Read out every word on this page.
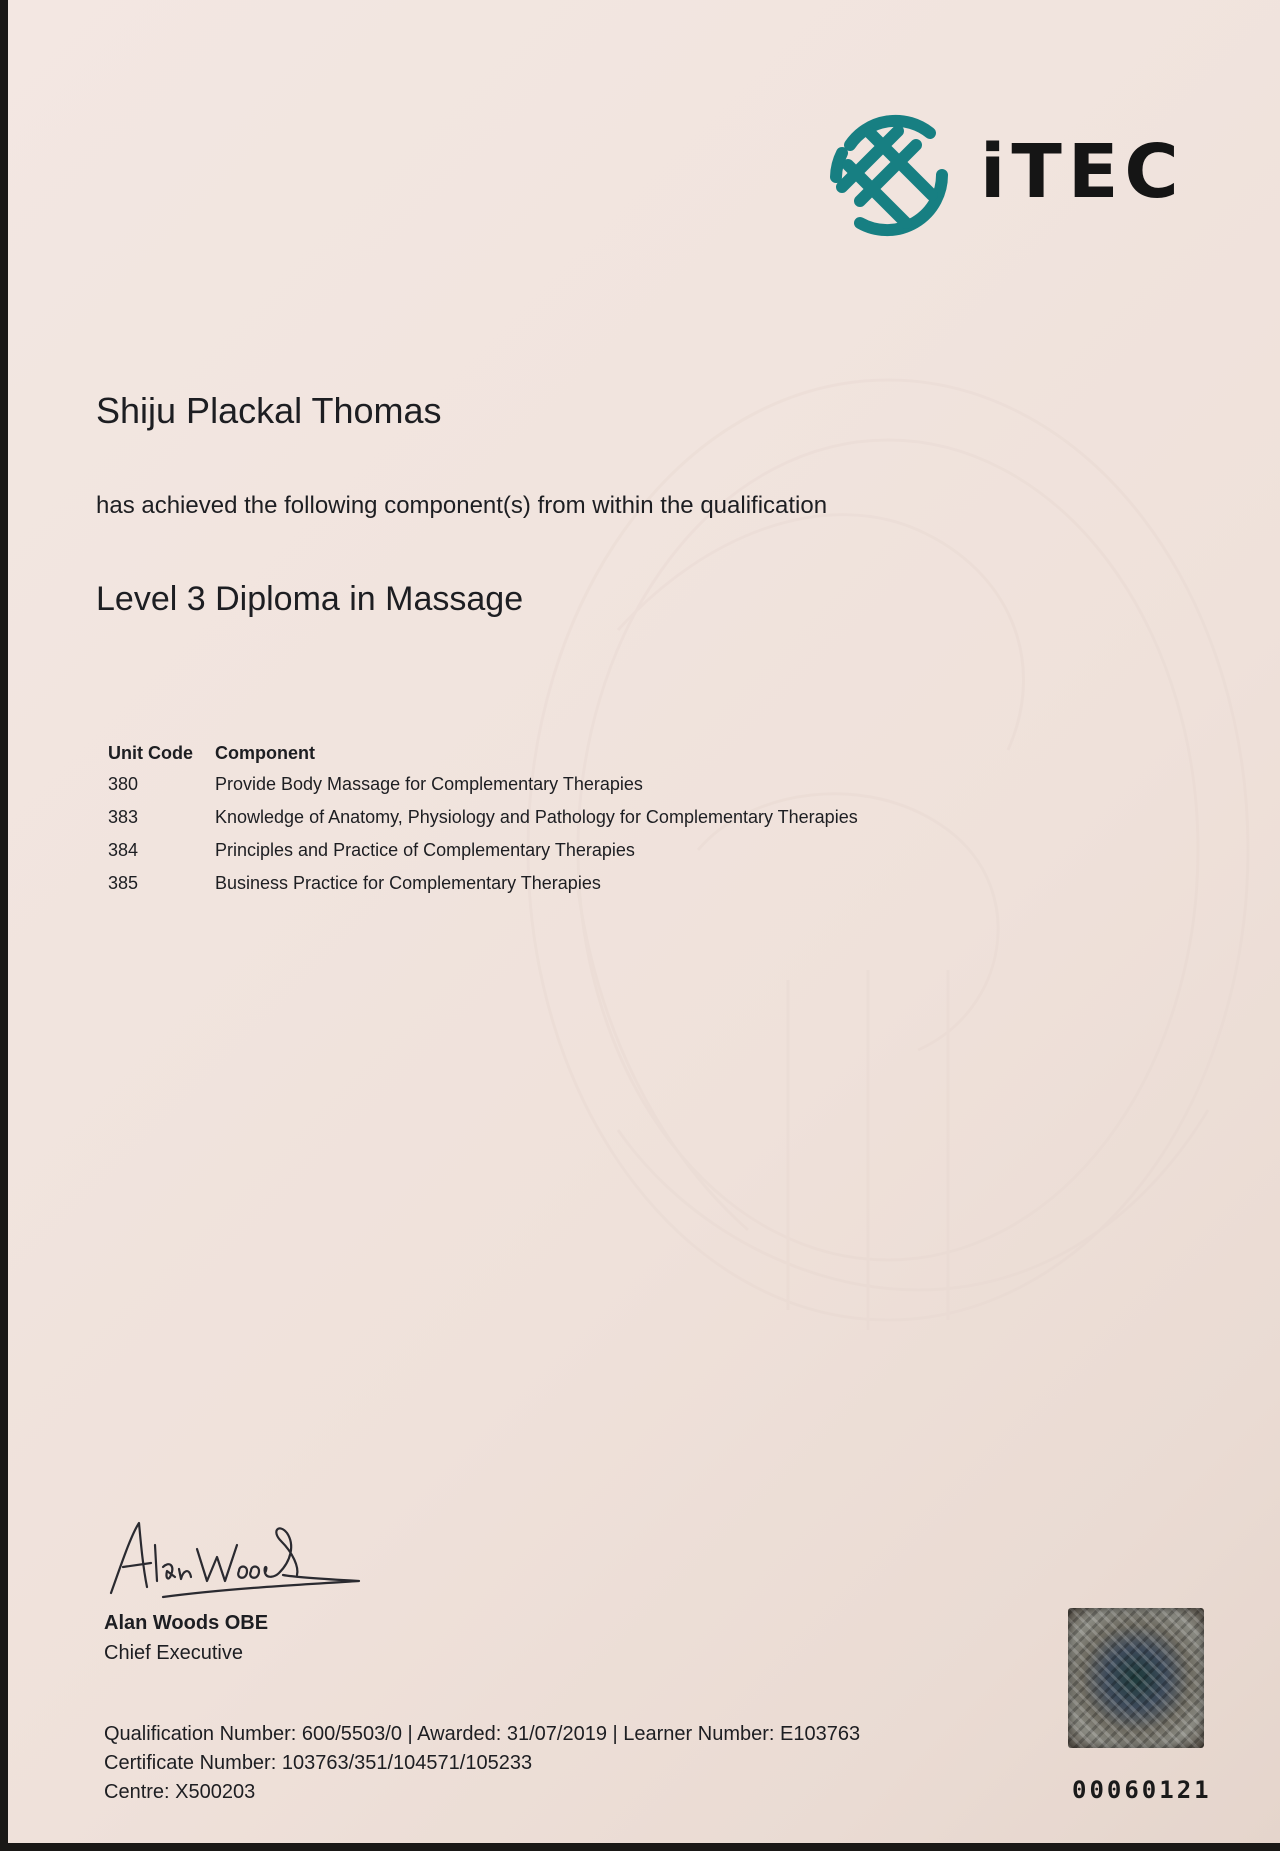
iTEC
Shiju Plackal Thomas
has achieved the following component(s) from within the qualification
Level 3 Diploma in Massage
Unit Code	Component
380	Provide Body Massage for Complementary Therapies
383	Knowledge of Anatomy, Physiology and Pathology for Complementary Therapies
384	Principles and Practice of Complementary Therapies
385	Business Practice for Complementary Therapies
Alan Woods OBE
Chief Executive
Qualification Number: 600/5503/0 | Awarded: 31/07/2019 | Learner Number: E103763
Certificate Number: 103763/351/104571/105233
Centre: X500203	00060121
